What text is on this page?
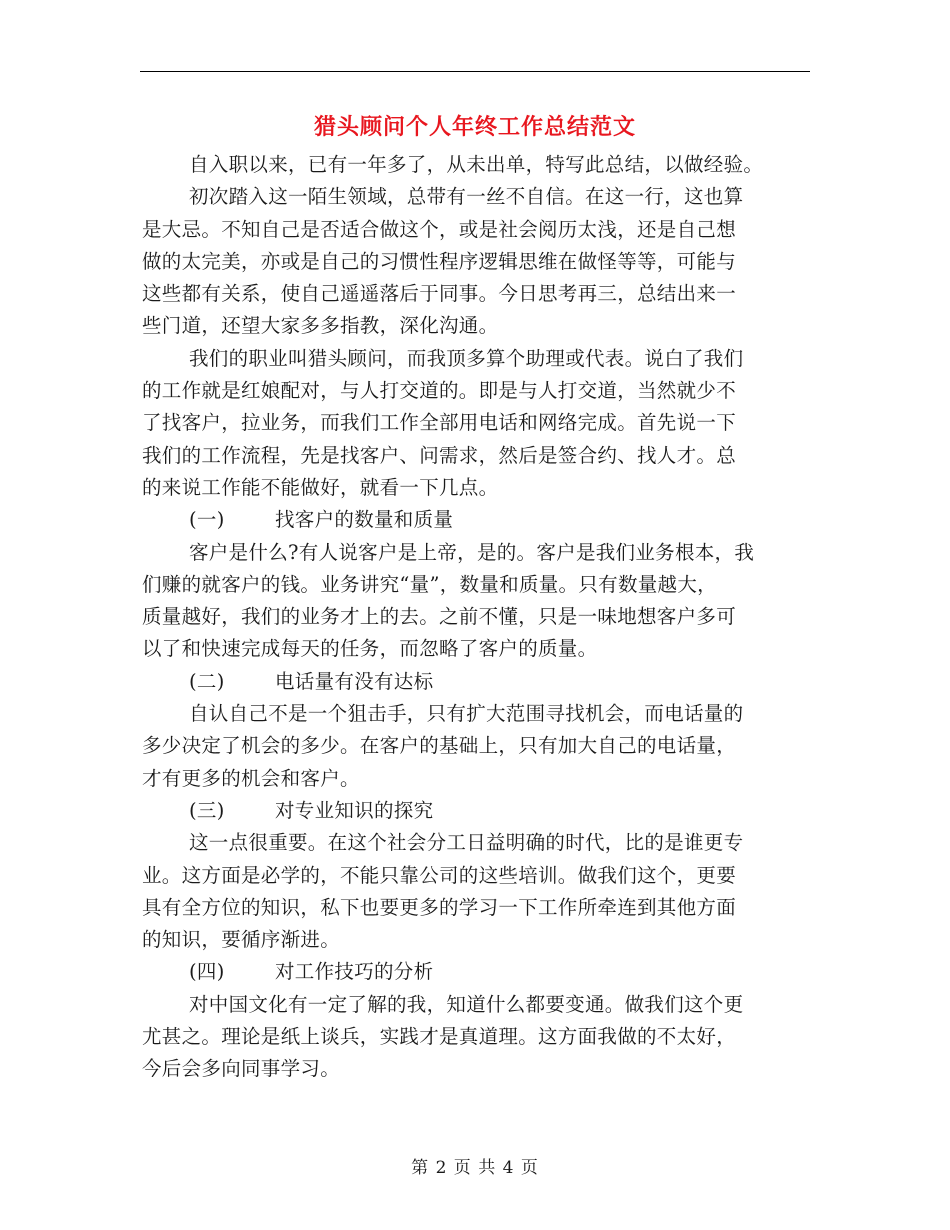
猎头顾问个人年终工作总结范文
自入职以来，已有一年多了，从未出单，特写此总结，以做经验。
初次踏入这一陌生领域，总带有一丝不自信。在这一行，这也算
是大忌。不知自己是否适合做这个，或是社会阅历太浅，还是自己想
做的太完美，亦或是自己的习惯性程序逻辑思维在做怪等等，可能与
这些都有关系，使自己遥遥落后于同事。今日思考再三，总结出来一
些门道，还望大家多多指教，深化沟通。
我们的职业叫猎头顾问，而我顶多算个助理或代表。说白了我们
的工作就是红娘配对，与人打交道的。即是与人打交道，当然就少不
了找客户，拉业务，而我们工作全部用电话和网络完成。首先说一下
我们的工作流程，先是找客户、问需求，然后是签合约、找人才。总
的来说工作能不能做好，就看一下几点。
(一)	找客户的数量和质量
客户是什么?有人说客户是上帝，是的。客户是我们业务根本，我
们赚的就客户的钱。业务讲究“量”，数量和质量。只有数量越大，
质量越好，我们的业务才上的去。之前不懂，只是一味地想客户多可
以了和快速完成每天的任务，而忽略了客户的质量。
(二)	电话量有没有达标
自认自己不是一个狙击手，只有扩大范围寻找机会，而电话量的
多少决定了机会的多少。在客户的基础上，只有加大自己的电话量，
才有更多的机会和客户。
(三)	对专业知识的探究
这一点很重要。在这个社会分工日益明确的时代，比的是谁更专
业。这方面是必学的，不能只靠公司的这些培训。做我们这个，更要
具有全方位的知识，私下也要更多的学习一下工作所牵连到其他方面
的知识，要循序渐进。
(四)	对工作技巧的分析
对中国文化有一定了解的我，知道什么都要变通。做我们这个更
尤甚之。理论是纸上谈兵，实践才是真道理。这方面我做的不太好，
今后会多向同事学习。
第 2 页 共 4 页
